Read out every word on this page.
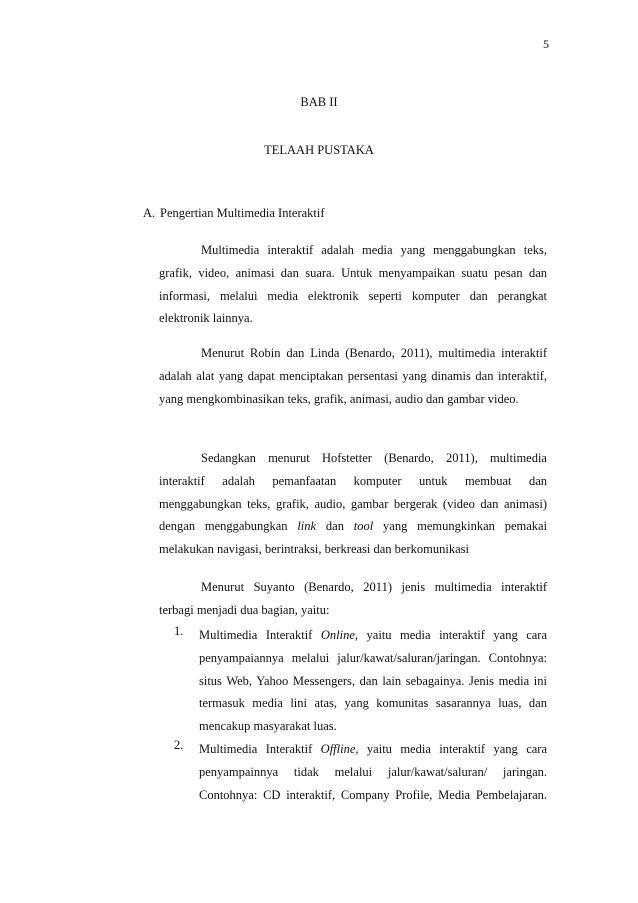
5
BAB II
TELAAH PUSTAKA
A. Pengertian Multimedia Interaktif
Multimedia interaktif adalah media yang menggabungkan teks,
grafik, video, animasi dan suara. Untuk menyampaikan suatu pesan dan
informasi, melalui media elektronik seperti komputer dan perangkat
elektronik lainnya.
Menurut Robin dan Linda (Benardo, 2011), multimedia interaktif
adalah alat yang dapat menciptakan persentasi yang dinamis dan interaktif,
yang mengkombinasikan teks, grafik, animasi, audio dan gambar video.
Sedangkan menurut Hofstetter (Benardo, 2011), multimedia
interaktif adalah pemanfaatan komputer untuk membuat dan
menggabungkan teks, grafik, audio, gambar bergerak (video dan animasi)
dengan menggabungkan link dan tool yang memungkinkan pemakai
melakukan navigasi, berintraksi, berkreasi dan berkomunikasi
Menurut Suyanto (Benardo, 2011) jenis multimedia interaktif
terbagi menjadi dua bagian, yaitu:
1. Multimedia Interaktif Online, yaitu media interaktif yang cara
penyampaiannya melalui jalur/kawat/saluran/jaringan. Contohnya:
situs Web, Yahoo Messengers, dan lain sebagainya. Jenis media ini
termasuk media lini atas, yang komunitas sasarannya luas, dan
mencakup masyarakat luas.
2. Multimedia Interaktif Offline, yaitu media interaktif yang cara
penyampainnya tidak melalui jalur/kawat/saluran/ jaringan.
Contohnya: CD interaktif, Company Profile, Media Pembelajaran.
